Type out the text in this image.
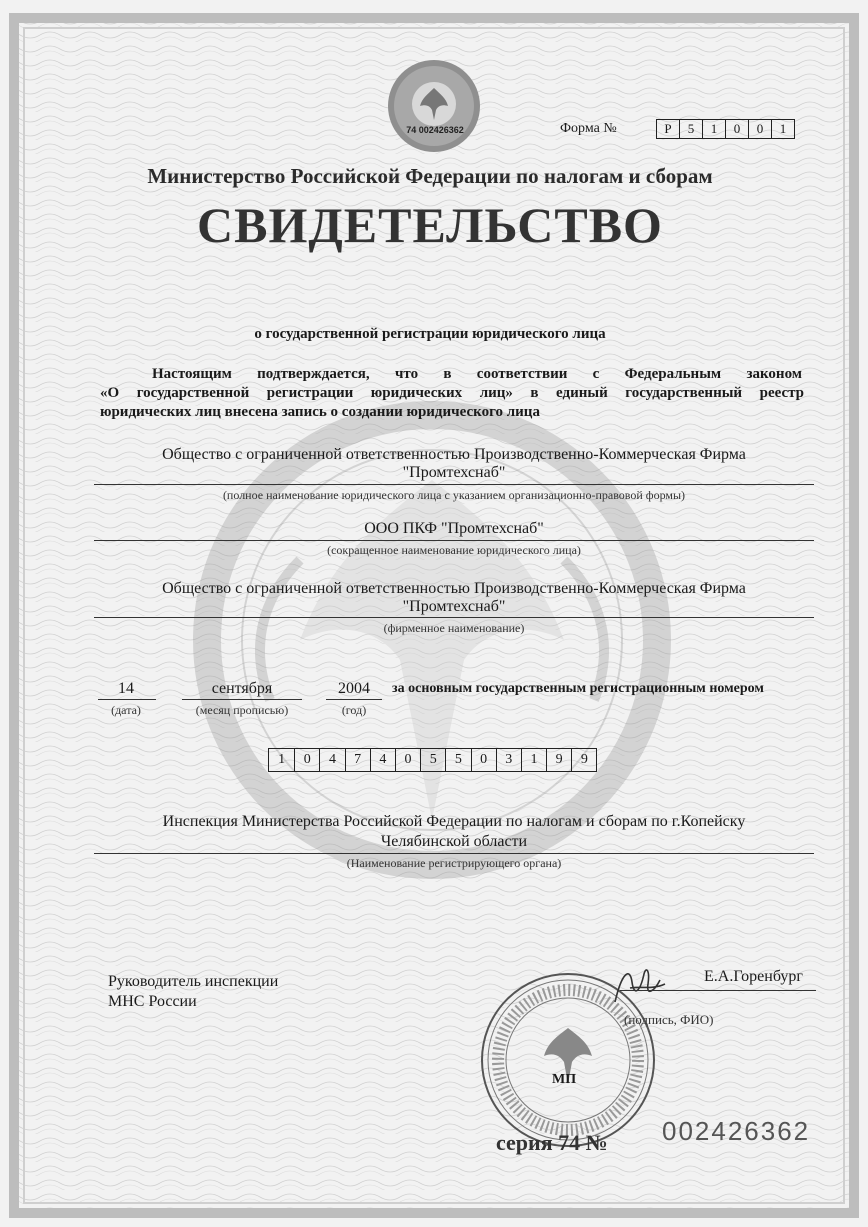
74 002426362	Форма №	Р	5	1	0	0	1
Министерство Российской Федерации по налогам и сборам
СВИДЕТЕЛЬСТВО
о государственной регистрации юридического лица
Настоящим подтверждается, что в соответствии с Федеральным законом
«О государственной регистрации юридических лиц» в единый государственный реестр
юридических лиц внесена запись о создании юридического лица
Общество с ограниченной ответственностью Производственно-Коммерческая Фирма
"Промтехснаб"
(полное наименование юридического лица с указанием организационно-правовой формы)
ООО ПКФ "Промтехснаб"
(сокращенное наименование юридического лица)
Общество с ограниченной ответственностью Производственно-Коммерческая Фирма
"Промтехснаб"
(фирменное наименование)
14
(дата)
сентября
(месяц прописью)
2004
(год)
за основным государственным регистрационным номером
1	0	4	7	4	0	5	5	0	3	1	9	9
Инспекция Министерства Российской Федерации по налогам и сборам по г.Копейску
Челябинской области
(Наименование регистрирующего органа)
Руководитель инспекции
МНС России
МП
Е.А.Горенбург
(подпись, ФИО)
серия 74 № 002426362
